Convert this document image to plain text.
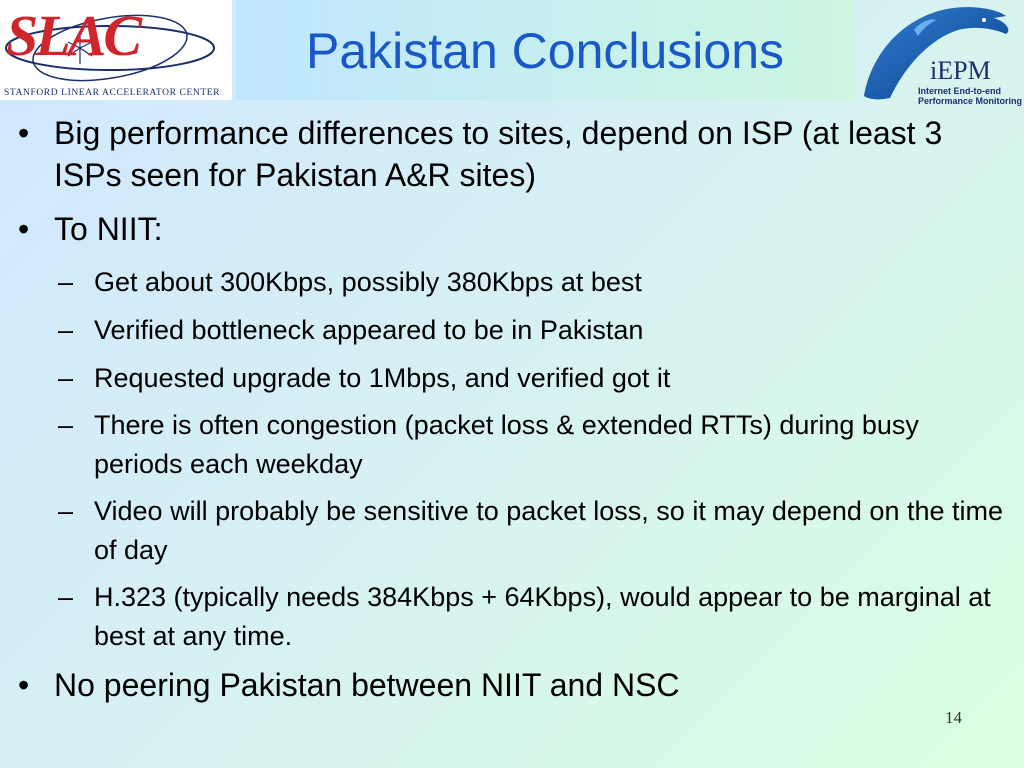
SLAC
STANFORD LINEAR ACCELERATOR CENTER
Pakistan Conclusions	iEPM
Internet End-to-end Performance Monitoring
• Big performance differences to sites, depend on ISP (at least 3 ISPs seen for Pakistan A&R sites)
• To NIIT:
– Get about 300Kbps, possibly 380Kbps at best
– Verified bottleneck appeared to be in Pakistan
– Requested upgrade to 1Mbps, and verified got it
– There is often congestion (packet loss & extended RTTs) during busy periods each weekday
– Video will probably be sensitive to packet loss, so it may depend on the time of day
– H.323 (typically needs 384Kbps + 64Kbps), would appear to be marginal at best at any time.
• No peering Pakistan between NIIT and NSC
14
